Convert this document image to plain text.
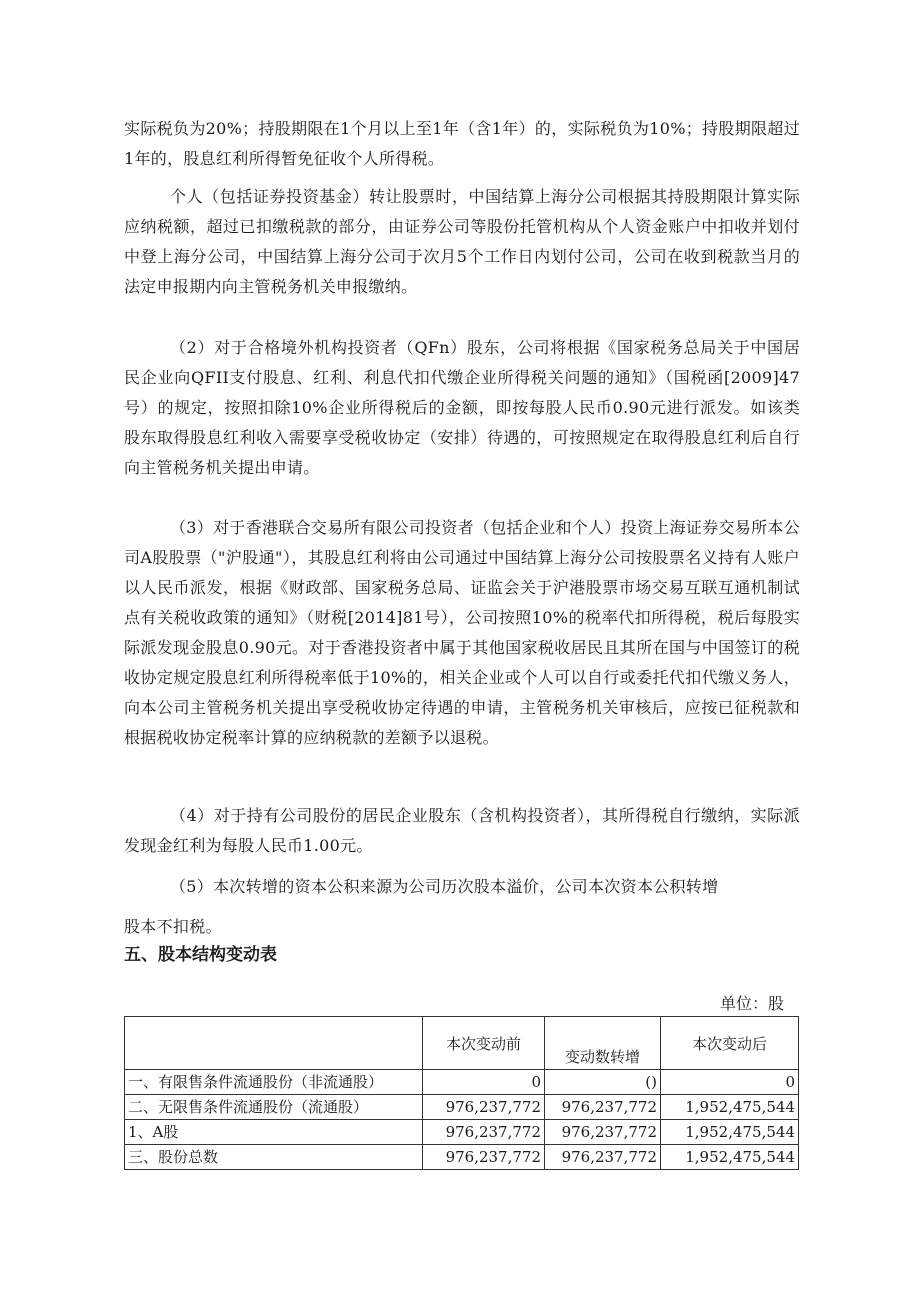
实际税负为20%；持股期限在1个月以上至1年（含1年）的，实际税负为10%；持股期限超过1年的，股息红利所得暂免征收个人所得税。

个人（包括证券投资基金）转让股票时，中国结算上海分公司根据其持股期限计算实际应纳税额，超过已扣缴税款的部分，由证券公司等股份托管机构从个人资金账户中扣收并划付中登上海分公司，中国结算上海分公司于次月5个工作日内划付公司，公司在收到税款当月的法定申报期内向主管税务机关申报缴纳。

（2）对于合格境外机构投资者（QFn）股东，公司将根据《国家税务总局关于中国居民企业向QFII支付股息、红利、利息代扣代缴企业所得税关问题的通知》（国税函[2009]47号）的规定，按照扣除10%企业所得税后的金额，即按每股人民币0.90元进行派发。如该类股东取得股息红利收入需要享受税收协定（安排）待遇的，可按照规定在取得股息红利后自行向主管税务机关提出申请。

（3）对于香港联合交易所有限公司投资者（包括企业和个人）投资上海证券交易所本公司A股股票（"沪股通"），其股息红利将由公司通过中国结算上海分公司按股票名义持有人账户以人民币派发，根据《财政部、国家税务总局、证监会关于沪港股票市场交易互联互通机制试点有关税收政策的通知》（财税[2014]81号），公司按照10%的税率代扣所得税，税后每股实际派发现金股息0.90元。对于香港投资者中属于其他国家税收居民且其所在国与中国签订的税收协定规定股息红利所得税率低于10%的，相关企业或个人可以自行或委托代扣代缴义务人，向本公司主管税务机关提出享受税收协定待遇的申请，主管税务机关审核后，应按已征税款和根据税收协定税率计算的应纳税款的差额予以退税。

（4）对于持有公司股份的居民企业股东（含机构投资者），其所得税自行缴纳，实际派发现金红利为每股人民币1.00元。

（5）本次转增的资本公积来源为公司历次股本溢价，公司本次资本公积转增

股本不扣税。

五、股本结构变动表
单位：股
	本次变动前	变动数转增	本次变动后
一、有限售条件流通股份（非流通股）	0	()	0
二、无限售条件流通股份（流通股）	976,237,772	976,237,772	1,952,475,544
1、A股	976,237,772	976,237,772	1,952,475,544
三、股份总数	976,237,772	976,237,772	1,952,475,544
